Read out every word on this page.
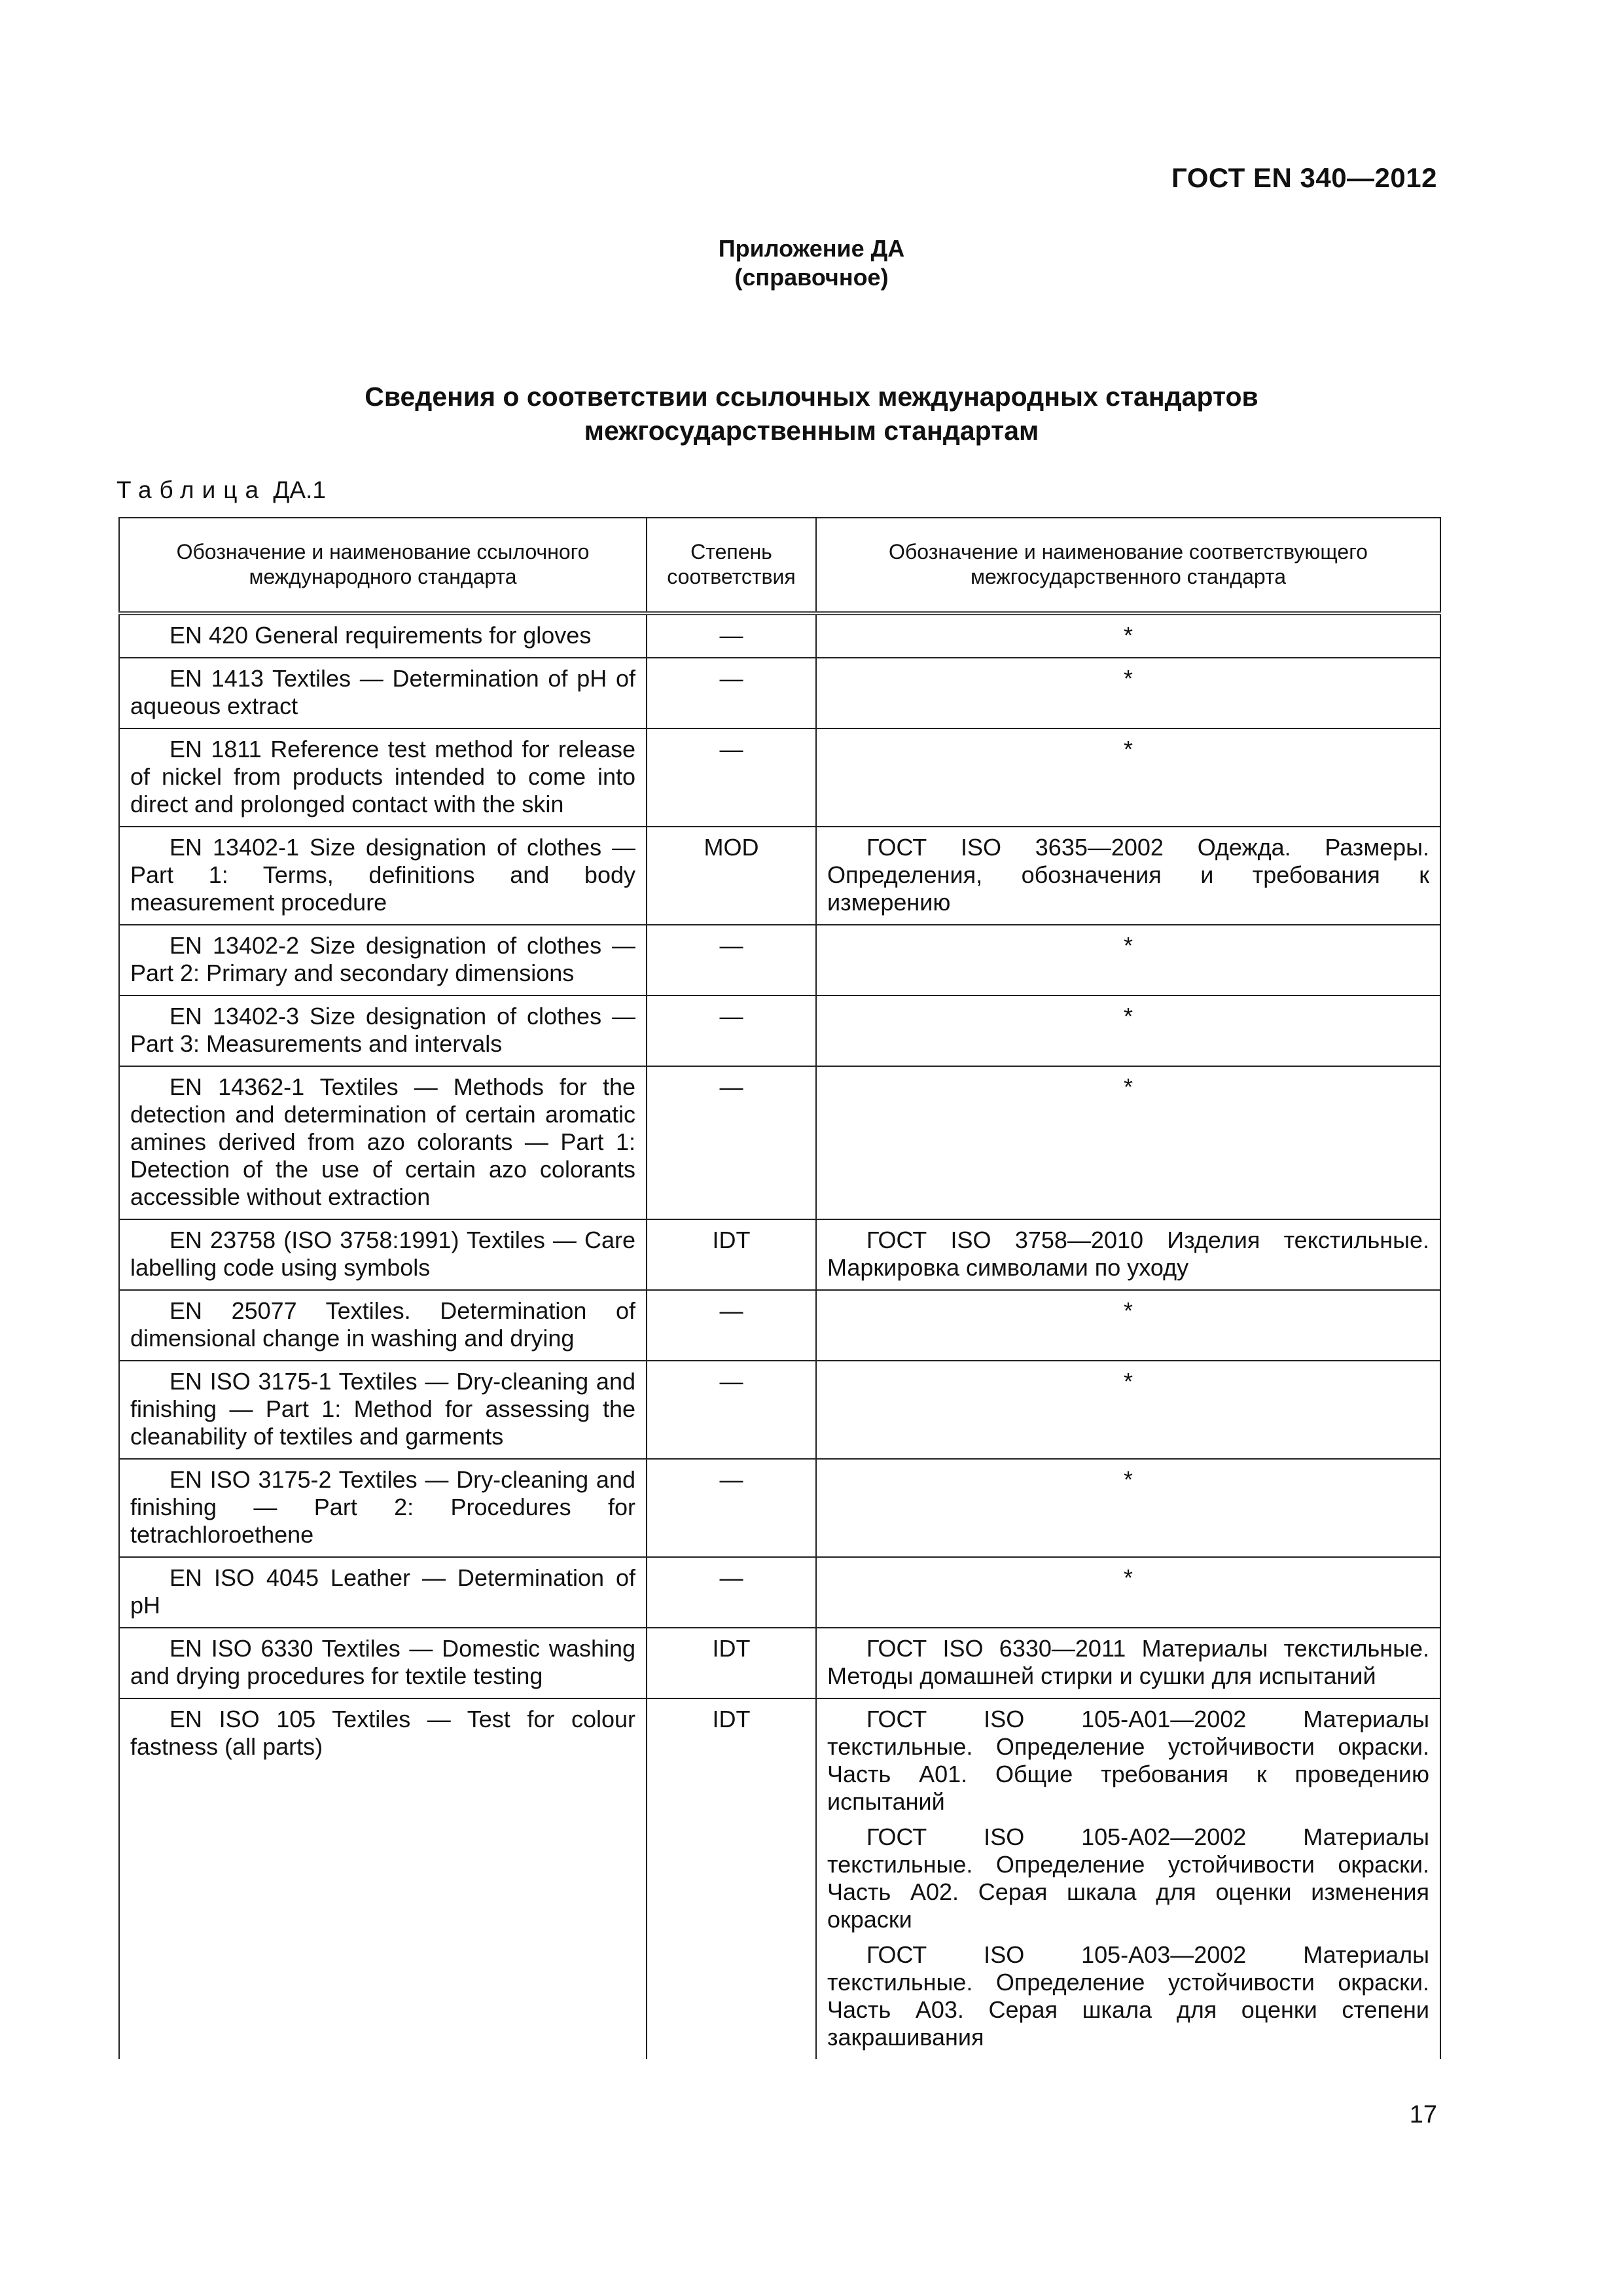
ГОСТ EN 340—2012
Приложение ДА
(справочное)
Сведения о соответствии ссылочных международных стандартов
межгосударственным стандартам
Таблица ДА.1
Обозначение и наименование ссылочного международного стандарта	Степень соответствия	Обозначение и наименование соответствующего межгосударственного стандарта

EN 420 General requirements for gloves	—	*

EN 1413 Textiles — Determination of pH of aqueous extract	—	*

EN 1811 Reference test method for release of nickel from products intended to come into direct and prolonged contact with the skin	—	*

EN 13402-1 Size designation of clothes — Part 1: Terms, definitions and body measurement procedure	MOD	ГОСТ ISO 3635—2002 Одежда. Размеры. Определения, обозначения и требования к измерению

EN 13402-2 Size designation of clothes — Part 2: Primary and secondary dimensions	—	*

EN 13402-3 Size designation of clothes — Part 3: Measurements and intervals	—	*

EN 14362-1 Textiles — Methods for the detection and determination of certain aromatic amines derived from azo colorants — Part 1: Detection of the use of certain azo colorants accessible without extraction	—	*

EN 23758 (ISO 3758:1991) Textiles — Care labelling code using symbols	IDT	ГОСТ ISO 3758—2010 Изделия текстильные. Маркировка символами по уходу

EN 25077 Textiles. Determination of dimensional change in washing and drying	—	*

EN ISO 3175-1 Textiles — Dry-cleaning and finishing — Part 1: Method for assessing the cleanability of textiles and garments	—	*

EN ISO 3175-2 Textiles — Dry-cleaning and finishing — Part 2: Procedures for tetrachloroethene	—	*

EN ISO 4045 Leather — Determination of pH	—	*

EN ISO 6330 Textiles — Domestic washing and drying procedures for textile testing	IDT	ГОСТ ISO 6330—2011 Материалы текстильные. Методы домашней стирки и сушки для испытаний

EN ISO 105 Textiles — Test for colour fastness (all parts)	IDT	ГОСТ ISO 105-A01—2002 Материалы текстильные. Определение устойчивости окраски. Часть A01. Общие требования к проведению испытаний
ГОСТ ISO 105-A02—2002 Материалы текстильные. Определение устойчивости окраски. Часть A02. Серая шкала для оценки изменения окраски
ГОСТ ISO 105-A03—2002 Материалы текстильные. Определение устойчивости окраски. Часть A03. Серая шкала для оценки степени закрашивания
17
